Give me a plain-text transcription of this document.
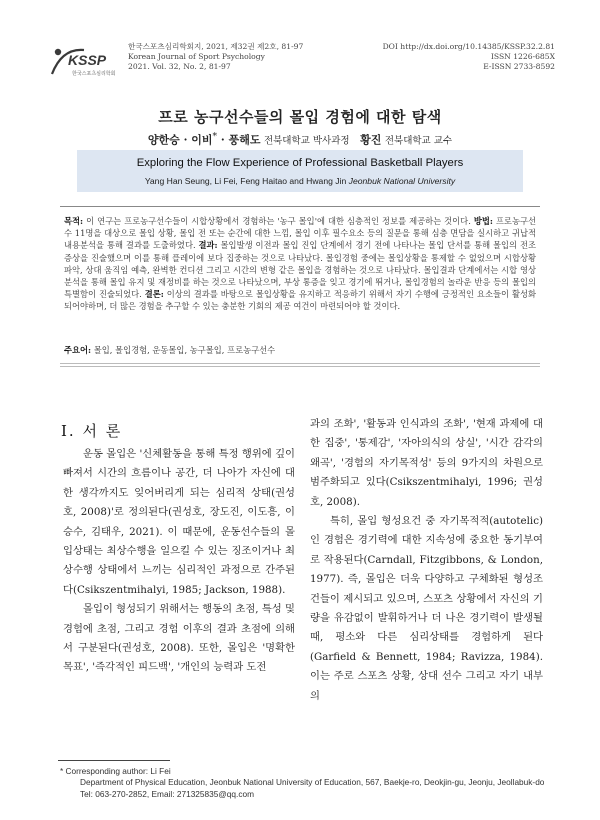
KSSP
한국스포츠심리학회
한국스포츠심리학회지, 2021, 제32권 제2호, 81-97
Korean Journal of Sport Psychology
2021. Vol. 32, No. 2, 81-97
DOI http://dx.doi.org/10.14385/KSSP.32.2.81
ISSN 1226-685X
E-ISSN 2733-8592
프로 농구선수들의 몰입 경험에 대한 탐색
양한승 · 이비* · 풍해도 전북대학교 박사과정 황진 전북대학교 교수
Exploring the Flow Experience of Professional Basketball Players
Yang Han Seung, Li Fei, Feng Haitao and Hwang Jin Jeonbuk National University
목적: 이 연구는 프로농구선수들이 시합상황에서 경험하는 '농구 몰입'에 대한 심층적인 정보를 제공하는 것이다. 방법: 프로농구선수 11명을 대상으로 몰입 상황, 몰입 전 또는 순간에 대한 느낌, 몰입 이후 필수요소 등의 질문을 통해 심층 면담을 실시하고 귀납적 내용분석을 통해 결과를 도출하였다. 결과: 몰입발생 이전과 몰입 진입 단계에서 경기 전에 나타나는 몰입 단서를 통해 몰입의 전조 증상을 진술했으며 이를 통해 플레이에 보다 집중하는 것으로 나타났다. 몰입경험 중에는 몰입상황을 통제할 수 없었으며 시합상황 파악, 상대 움직임 예측, 완벽한 컨디션 그리고 시간의 변형 같은 몰입을 경험하는 것으로 나타났다. 몰입결과 단계에서는 시합 영상분석을 통해 몰입 유지 및 재정비를 하는 것으로 나타났으며, 부상 통증을 잊고 경기에 뛰거나, 몰입경험의 놀라운 반응 등의 몰입의 특별함이 진술되었다. 결론: 이상의 결과를 바탕으로 몰입상황을 유지하고 적응하기 위해서 자기 수행에 긍정적인 요소들이 활성화 되어야하며, 더 많은 경험을 추구할 수 있는 충분한 기회의 제공 여건이 마련되어야 할 것이다.
주요어: 몰입, 몰입경험, 운동몰입, 농구몰입, 프로농구선수
Ⅰ. 서 론

운동 몰입은 '신체활동을 통해 특정 행위에 깊이 빠져서 시간의 흐름이나 공간, 더 나아가 자신에 대한 생각까지도 잊어버리게 되는 심리적 상태(권성호, 2008)'로 정의된다(권성호, 장도진, 이도흥, 이승수, 김태우, 2021). 이 때문에, 운동선수들의 몰입상태는 최상수행을 일으킬 수 있는 징조이거나 최상수행 상태에서 느끼는 심리적인 과정으로 간주된다(Csikszentmihalyi, 1985; Jackson, 1988).

몰입이 형성되기 위해서는 행동의 초점, 특성 및 경험에 초점, 그리고 경험 이후의 결과 초점에 의해서 구분된다(권성호, 2008). 또한, 몰입은 '명확한 목표', '즉각적인 피드백', '개인의 능력과 도전

과의 조화', '활동과 인식과의 조화', '현재 과제에 대한 집중', '통제감', '자아의식의 상실', '시간 감각의 왜곡', '경험의 자기목적성' 등의 9가지의 차원으로 범주화되고 있다(Csikszentmihalyi, 1996; 권성호, 2008).

특히, 몰입 형성요건 중 자기목적적(autotelic)인 경험은 경기력에 대한 지속성에 중요한 동기부여로 작용된다(Carndall, Fitzgibbons, & London, 1977). 즉, 몰입은 더욱 다양하고 구체화된 형성조건들이 제시되고 있으며, 스포츠 상황에서 자신의 기량을 유감없이 발휘하거나 더 나은 경기력이 발생될 때, 평소와 다른 심리상태를 경험하게 된다(Garfield & Bennett, 1984; Ravizza, 1984). 이는 주로 스포츠 상황, 상대 선수 그리고 자기 내부의

* Corresponding author: Li Fei
Department of Physical Education, Jeonbuk National University of Education, 567, Baekje-ro, Deokjin-gu, Jeonju, Jeollabuk-do
Tel: 063-270-2852, Email: 271325835@qq.com
